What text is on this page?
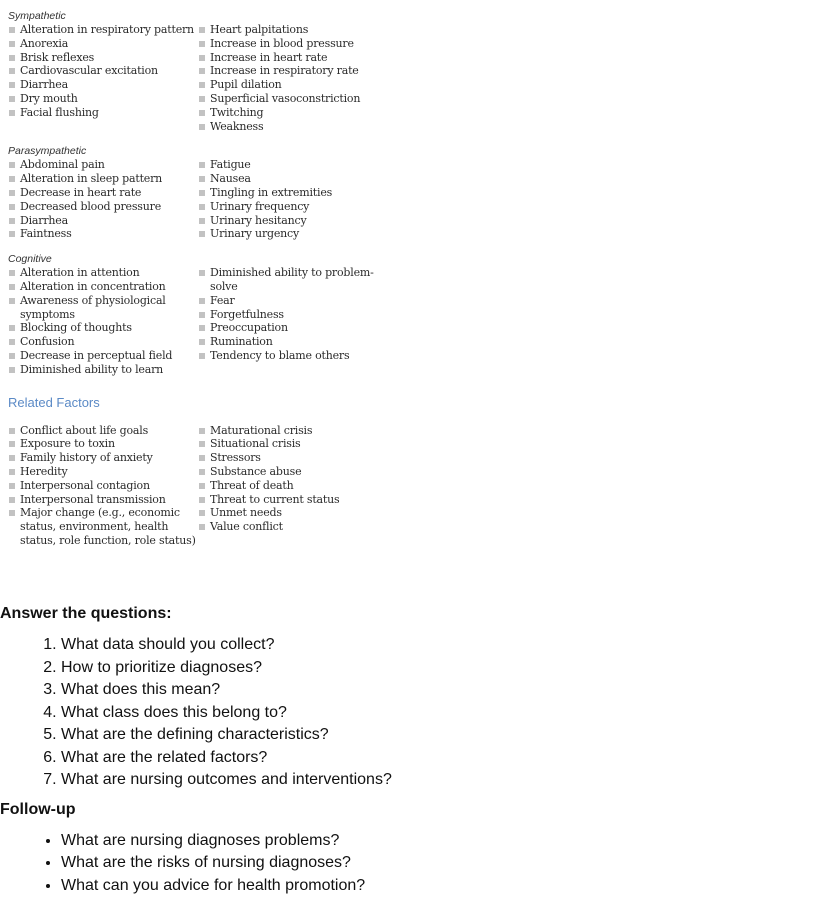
Sympathetic
Alteration in respiratory pattern
Anorexia
Brisk reflexes
Cardiovascular excitation
Diarrhea
Dry mouth
Facial flushing
Heart palpitations
Increase in blood pressure
Increase in heart rate
Increase in respiratory rate
Pupil dilation
Superficial vasoconstriction
Twitching
Weakness
Parasympathetic
Abdominal pain
Alteration in sleep pattern
Decrease in heart rate
Decreased blood pressure
Diarrhea
Faintness
Fatigue
Nausea
Tingling in extremities
Urinary frequency
Urinary hesitancy
Urinary urgency
Cognitive
Alteration in attention
Alteration in concentration
Awareness of physiological symptoms
Blocking of thoughts
Confusion
Decrease in perceptual field
Diminished ability to learn
Diminished ability to problem-solve
Fear
Forgetfulness
Preoccupation
Rumination
Tendency to blame others
Related Factors
Conflict about life goals
Exposure to toxin
Family history of anxiety
Heredity
Interpersonal contagion
Interpersonal transmission
Major change (e.g., economic status, environment, health status, role function, role status)
Maturational crisis
Situational crisis
Stressors
Substance abuse
Threat of death
Threat to current status
Unmet needs
Value conflict
Answer the questions:
1. What data should you collect?
2. How to prioritize diagnoses?
3. What does this mean?
4. What class does this belong to?
5. What are the defining characteristics?
6. What are the related factors?
7. What are nursing outcomes and interventions?
Follow-up
• What are nursing diagnoses problems?
• What are the risks of nursing diagnoses?
• What can you advice for health promotion?
